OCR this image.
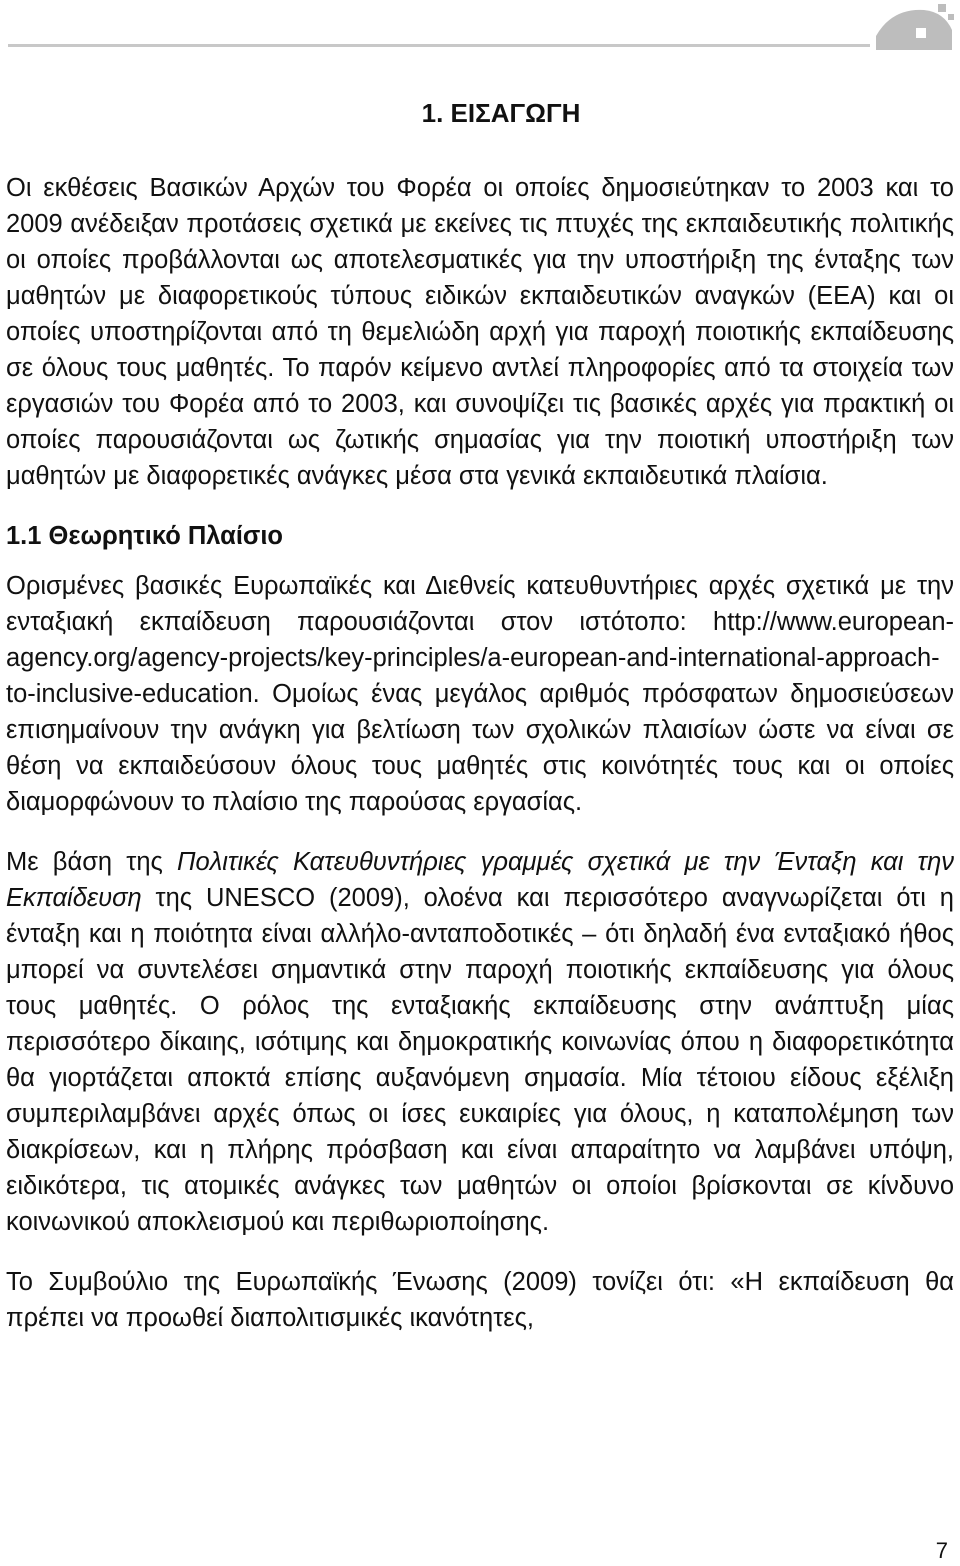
1. ΕΙΣΑΓΩΓΗ

Οι εκθέσεις Βασικών Αρχών του Φορέα οι οποίες δημοσιεύτηκαν το 2003 και το 2009 ανέδειξαν προτάσεις σχετικά με εκείνες τις πτυχές της εκπαιδευτικής πολιτικής οι οποίες προβάλλονται ως αποτελεσματικές για την υποστήριξη της ένταξης των μαθητών με διαφορετικούς τύπους ειδικών εκπαιδευτικών αναγκών (ΕΕΑ) και οι οποίες υποστηρίζονται από τη θεμελιώδη αρχή για παροχή ποιοτικής εκπαίδευσης σε όλους τους μαθητές. Το παρόν κείμενο αντλεί πληροφορίες από τα στοιχεία των εργασιών του Φορέα από το 2003, και συνοψίζει τις βασικές αρχές για πρακτική οι οποίες παρουσιάζονται ως ζωτικής σημασίας για την ποιοτική υποστήριξη των μαθητών με διαφορετικές ανάγκες μέσα στα γενικά εκπαιδευτικά πλαίσια.

1.1 Θεωρητικό Πλαίσιο

Ορισμένες βασικές Ευρωπαϊκές και Διεθνείς κατευθυντήριες αρχές σχετικά με την ενταξιακή εκπαίδευση παρουσιάζονται στον ιστότοπο: http://www.european-agency.org/agency-projects/key-principles/a-european-and-international-approach-to-inclusive-education. Ομοίως ένας μεγάλος αριθμός πρόσφατων δημοσιεύσεων επισημαίνουν την ανάγκη για βελτίωση των σχολικών πλαισίων ώστε να είναι σε θέση να εκπαιδεύσουν όλους τους μαθητές στις κοινότητές τους και οι οποίες διαμορφώνουν το πλαίσιο της παρούσας εργασίας.

Με βάση της Πολιτικές Κατευθυντήριες γραμμές σχετικά με την Ένταξη και την Εκπαίδευση της UNESCO (2009), ολοένα και περισσότερο αναγνωρίζεται ότι η ένταξη και η ποιότητα είναι αλλήλο-ανταποδοτικές – ότι δηλαδή ένα ενταξιακό ήθος μπορεί να συντελέσει σημαντικά στην παροχή ποιοτικής εκπαίδευσης για όλους τους μαθητές. Ο ρόλος της ενταξιακής εκπαίδευσης στην ανάπτυξη μίας περισσότερο δίκαιης, ισότιμης και δημοκρατικής κοινωνίας όπου η διαφορετικότητα θα γιορτάζεται αποκτά επίσης αυξανόμενη σημασία. Μία τέτοιου είδους εξέλιξη συμπεριλαμβάνει αρχές όπως οι ίσες ευκαιρίες για όλους, η καταπολέμηση των διακρίσεων, και η πλήρης πρόσβαση και είναι απαραίτητο να λαμβάνει υπόψη, ειδικότερα, τις ατομικές ανάγκες των μαθητών οι οποίοι βρίσκονται σε κίνδυνο κοινωνικού αποκλεισμού και περιθωριοποίησης.

Το Συμβούλιο της Ευρωπαϊκής Ένωσης (2009) τονίζει ότι: «Η εκπαίδευση θα πρέπει να προωθεί διαπολιτισμικές ικανότητες,

7
